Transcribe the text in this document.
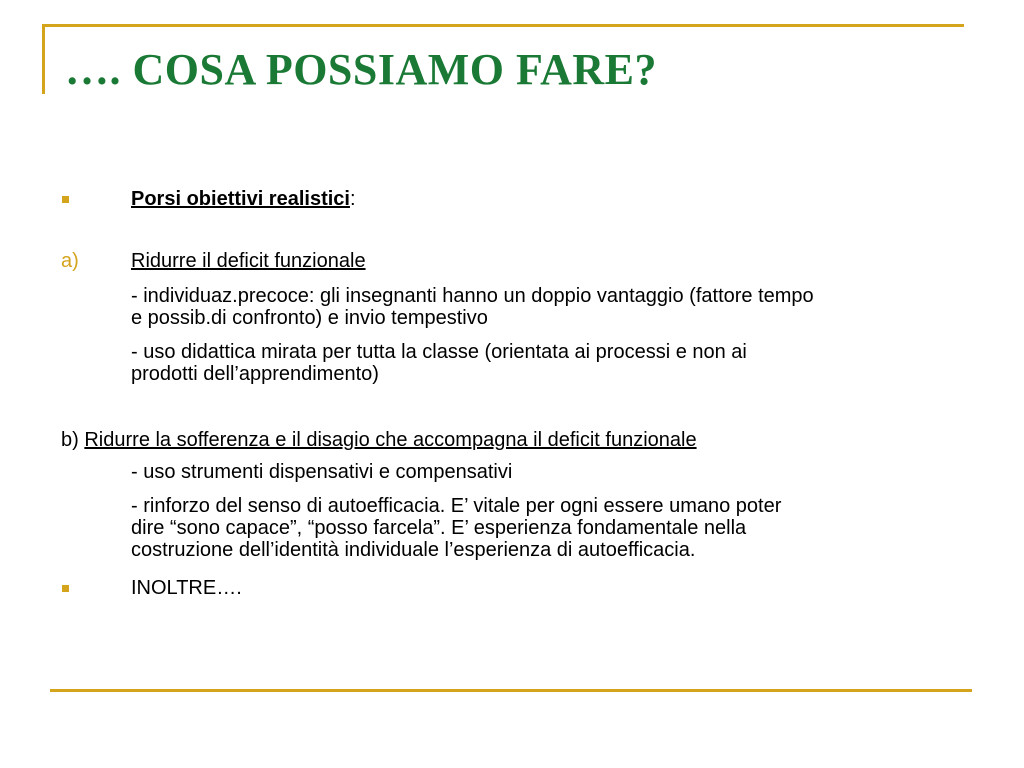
…. COSA POSSIAMO FARE?
Porsi obiettivi realistici:
a)	Ridurre il deficit funzionale
- individuaz.precoce: gli insegnanti hanno un doppio vantaggio (fattore tempo
e possib.di confronto) e invio tempestivo
- uso didattica mirata per tutta la classe (orientata ai processi e non ai
prodotti dell’apprendimento)
b) Ridurre la sofferenza e il disagio che accompagna il deficit funzionale
- uso strumenti dispensativi e compensativi
- rinforzo del senso di autoefficacia. E’ vitale per ogni essere umano poter
dire “sono capace”, “posso farcela”. E’ esperienza fondamentale nella
costruzione dell’identità individuale l’esperienza di autoefficacia.
INOLTRE….
